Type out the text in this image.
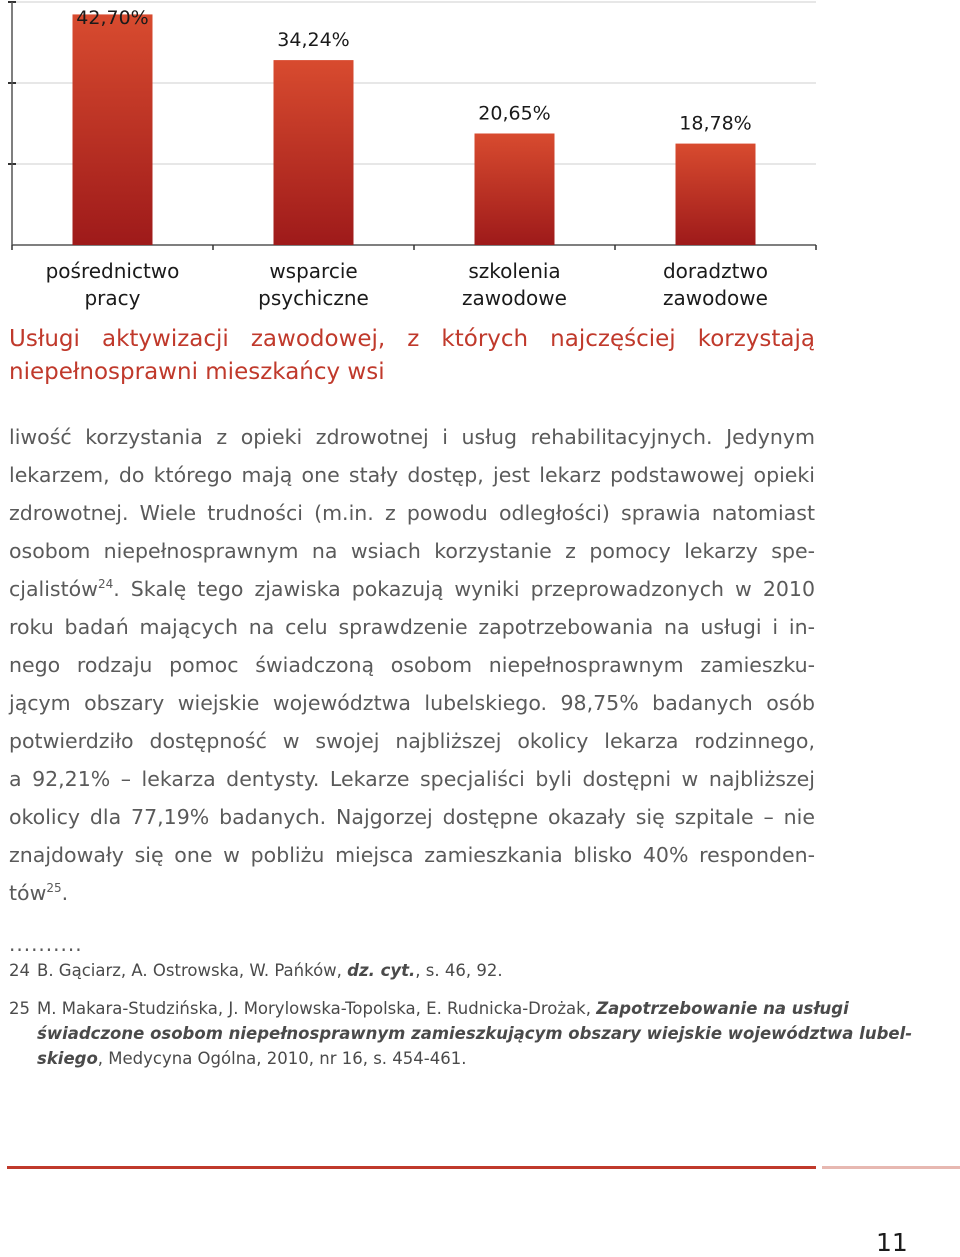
42,70%
34,24%
20,65%	18,78%
pośrednictwo
pracy
wsparcie
psychiczne
szkolenia
zawodowe
doradztwo
zawodowe
Usługi aktywizacji zawodowej, z których najczęściej korzystają niepełnosprawni mieszkańcy wsi

liwość korzystania z opieki zdrowotnej i usług rehabilitacyjnych. Jedynym

lekarzem, do którego mają one stały dostęp, jest lekarz podstawowej opieki

zdrowotnej. Wiele trudności (m.in. z powodu odległości) sprawia natomiast

osobom niepełnosprawnym na wsiach korzystanie z pomocy lekarzy spe-

cjalistów$^{24}$. Skalę tego zjawiska pokazują wyniki przeprowadzonych w 2010

roku badań mających na celu sprawdzenie zapotrzebowania na usługi i in-

nego rodzaju pomoc świadczoną osobom niepełnosprawnym zamieszku-

jącym obszary wiejskie województwa lubelskiego. 98,75% badanych osób

potwierdziło dostępność w swojej najbliższej okolicy lekarza rodzinnego,

a 92,21% – lekarza dentysty. Lekarze specjaliści byli dostępni w najbliższej

okolicy dla 77,19% badanych. Najgorzej dostępne okazały się szpitale – nie

znajdowały się one w pobliżu miejsca zamieszkania blisko 40% responden-

tów$^{25}$.

..........
24 B. Gąciarz, A. Ostrowska, W. Pańków, dz. cyt., s. 46, 92.
25 M. Makara-Studzińska, J. Morylowska-Topolska, E. Rudnicka-Drożak, Zapotrzebowanie na usługi
świadczone osobom niepełnosprawnym zamieszkującym obszary wiejskie województwa lubel-
skiego, Medycyna Ogólna, 2010, nr 16, s. 454-461.
11
